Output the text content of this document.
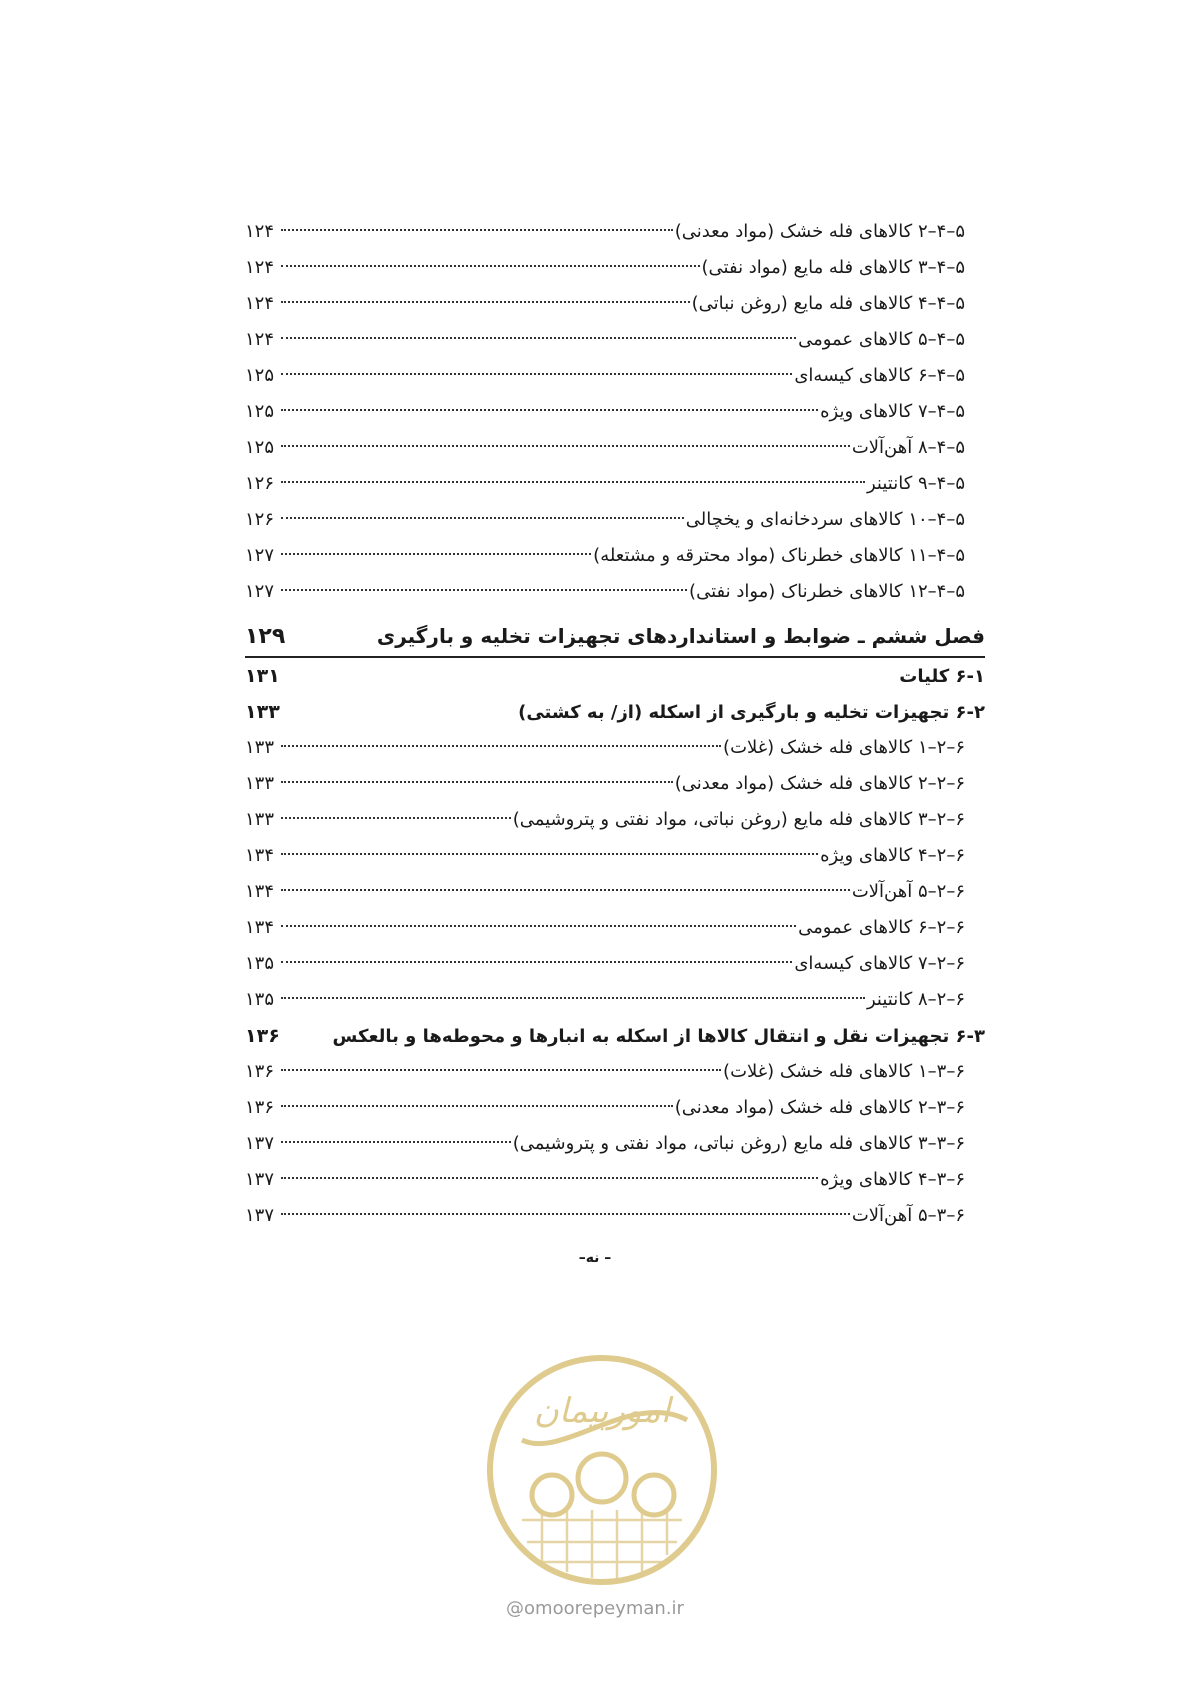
۵–۴–۲ کالاهای فله خشک (مواد معدنی)
۱۲۴
۵–۴–۳ کالاهای فله مایع (مواد نفتی)
۱۲۴
۵–۴–۴ کالاهای فله مایع (روغن نباتی)
۱۲۴
۵–۴–۵ کالاهای عمومی
۱۲۴
۵–۴–۶ کالاهای کیسه‌ای
۱۲۵
۵–۴–۷ کالاهای ویژه
۱۲۵
۵–۴–۸ آهن‌آلات
۱۲۵
۵–۴–۹ کانتینر
۱۲۶
۵–۴–۱۰ کالاهای سردخانه‌ای و یخچالی
۱۲۶
۵–۴–۱۱ کالاهای خطرناک (مواد محترقه و مشتعله)
۱۲۷
۵–۴–۱۲ کالاهای خطرناک (مواد نفتی)
۱۲۷
فصل ششم ـ ضوابط و استانداردهای تجهیزات تخلیه و بارگیری
۱۲۹
۶-۱ کلیات
۱۳۱
۶-۲ تجهیزات تخلیه و بارگیری از اسکله (از/ به کشتی)
۱۳۳
۶–۲–۱ کالاهای فله خشک (غلات)
۱۳۳
۶–۲–۲ کالاهای فله خشک (مواد معدنی)
۱۳۳
۶–۲–۳ کالاهای فله مایع (روغن نباتی، مواد نفتی و پتروشیمی)
۱۳۳
۶–۲–۴ کالاهای ویژه
۱۳۴
۶–۲–۵ آهن‌آلات
۱۳۴
۶–۲–۶ کالاهای عمومی
۱۳۴
۶–۲–۷ کالاهای کیسه‌ای
۱۳۵
۶–۲–۸ کانتینر
۱۳۵
۶-۳ تجهیزات نقل و انتقال کالاها از اسکله به انبارها و محوطه‌ها و بالعکس
۱۳۶
۶–۳–۱ کالاهای فله خشک (غلات)
۱۳۶
۶–۳–۲ کالاهای فله خشک (مواد معدنی)
۱۳۶
۶–۳–۳ کالاهای فله مایع (روغن نباتی، مواد نفتی و پتروشیمی)
۱۳۷
۶–۳–۴ کالاهای ویژه
۱۳۷
۶–۳–۵ آهن‌آلات
۱۳۷
– نه–
امورپیمان
@omoorepeyman.ir
